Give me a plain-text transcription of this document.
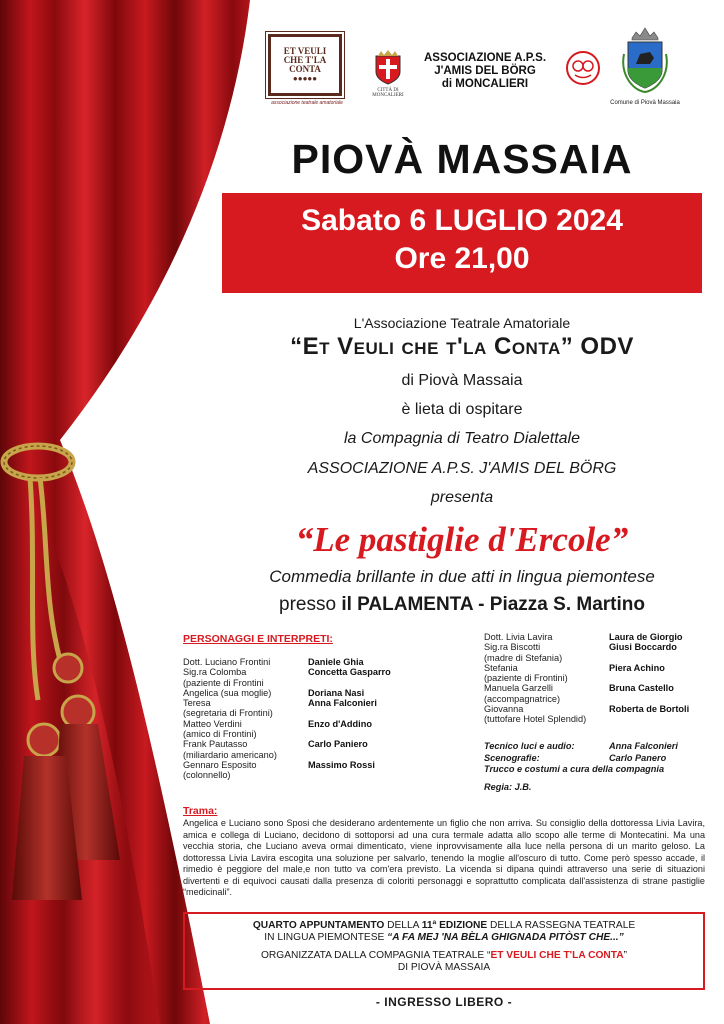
ET VEULI
CHE T'LA
CONTA
●●●●●
associazione teatrale amatoriale
CITTÀ DI MONCALIERI
ASSOCIAZIONE A.P.S.
J'AMIS DEL BÖRG
di MONCALIERI
Comune di Piovà Massaia
PIOVÀ MASSAIA
Sabato 6 LUGLIO 2024
Ore 21,00
L'Associazione Teatrale Amatoriale
“Et Veuli che t'la Conta” ODV
di Piovà Massaia
è lieta di ospitare
la Compagnia di Teatro Dialettale
ASSOCIAZIONE A.P.S. J'AMIS DEL BÖRG
presenta
“Le pastiglie d'Ercole”
Commedia brillante in due atti in lingua piemontese
presso il PALAMENTA - Piazza S. Martino
PERSONAGGI E INTERPRETI:
Dott. Luciano Frontini	Daniele Ghia
Sig.ra Colomba	Concetta Gasparro
(paziente di Frontini
Angelica (sua moglie)	Doriana Nasi
Teresa	Anna Falconieri
(segretaria di Frontini)
Matteo Verdini	Enzo d'Addino
(amico di Frontini)
Frank Pautasso	Carlo Paniero
(miliardario americano)
Gennaro Esposito	Massimo Rossi
(colonnello)
Dott. Livia Lavira	Laura de Giorgio
Sig.ra Biscotti	Giusi Boccardo
(madre di Stefania)
Stefania	Piera Achino
(paziente di Frontini)
Manuela Garzelli	Bruna Castello
(accompagnatrice)
Giovanna	Roberta de Bortoli
(tuttofare Hotel Splendid)
Tecnico luci e audio:	Anna Falconieri
Scenografie:	Carlo Panero
Trucco e costumi a cura della compagnia
Regia: J.B.
Trama:
Angelica e Luciano sono Sposi che desiderano ardentemente un figlio che non arriva. Su consiglio della dottoressa Livia Lavira, amica e collega di Luciano, decidono di sottoporsi ad una cura termale adatta allo scopo alle terme di Montecatini. Ma una vecchia storia, che Luciano aveva ormai dimenticato, viene inprovvisamente alla luce nella persona di un marito geloso. La dottoressa Livia Lavira escogita una soluzione per salvarlo, tenendo la moglie all'oscuro di tutto. Come però spesso accade, il rimedio è peggiore del male,e non tutto va com'era previsto. La vicenda si dipana quindi attraverso una serie di situazioni divertenti e di equivoci causati dalla presenza di coloriti personaggi e soprattutto complicata dall'assistenza di strane pastiglie “medicinali”.
QUARTO APPUNTAMENTO DELLA 11ª EDIZIONE DELLA RASSEGNA TEATRALE
IN LINGUA PIEMONTESE “A FA MEJ 'NA BÈLA GHIGNADA PITÒST CHE...”
ORGANIZZATA DALLA COMPAGNIA TEATRALE “ET VEULI CHE T'LA CONTA”
DI PIOVÀ MASSAIA
- INGRESSO LIBERO -
